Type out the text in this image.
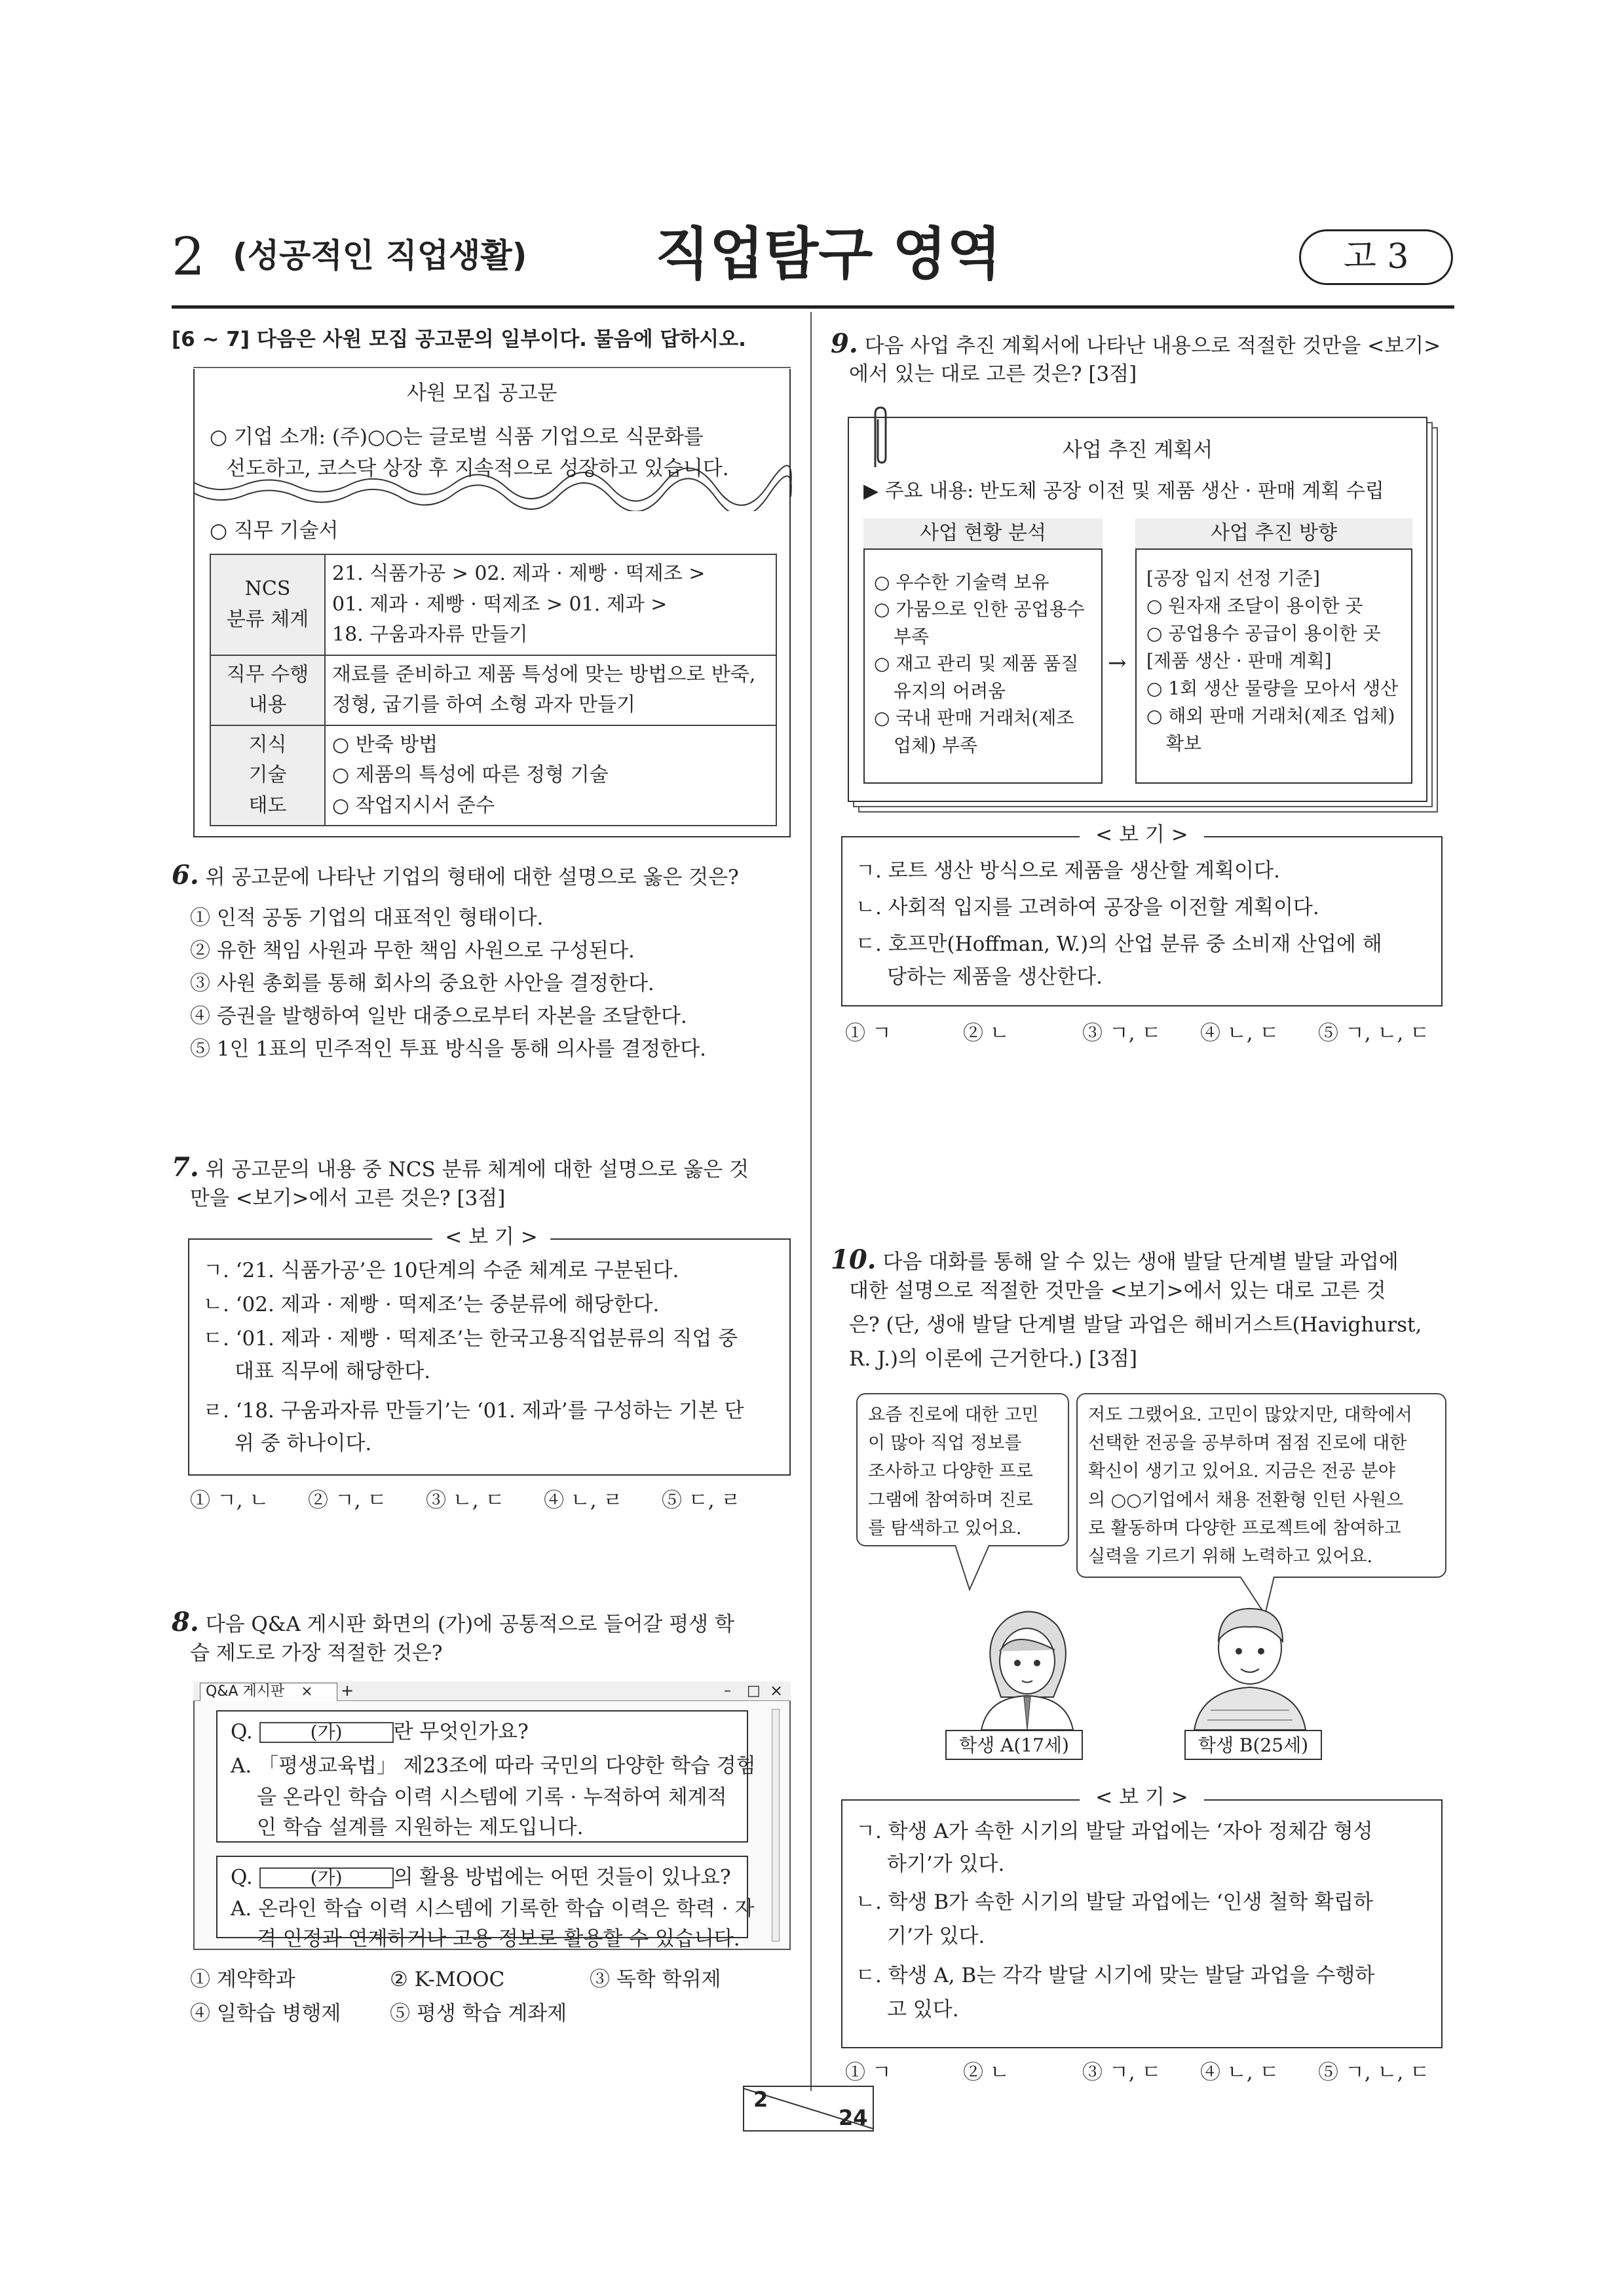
2 (성공적인 직업생활) 직업탐구 영역	고 3
[6 ~ 7] 다음은 사원 모집 공고문의 일부이다. 물음에 답하시오.
사원 모집 공고문
○ 기업 소개: (주)○○는 글로벌 식품 기업으로 식문화를
선도하고, 코스닥 상장 후 지속적으로 성장하고 있습니다.
○ 직무 기술서
NCS
분류 체계	21. 식품가공 > 02. 제과 · 제빵 · 떡제조 >
01. 제과 · 제빵 · 떡제조 > 01. 제과 >
18. 구움과자류 만들기
직무 수행
내용	재료를 준비하고 제품 특성에 맞는 방법으로 반죽,
정형, 굽기를 하여 소형 과자 만들기
지식
기술
태도	○ 반죽 방법
○ 제품의 특성에 따른 정형 기술
○ 작업지시서 준수
6. 위 공고문에 나타난 기업의 형태에 대한 설명으로 옳은 것은?
① 인적 공동 기업의 대표적인 형태이다.
② 유한 책임 사원과 무한 책임 사원으로 구성된다.
③ 사원 총회를 통해 회사의 중요한 사안을 결정한다.
④ 증권을 발행하여 일반 대중으로부터 자본을 조달한다.
⑤ 1인 1표의 민주적인 투표 방식을 통해 의사를 결정한다.
7. 위 공고문의 내용 중 NCS 분류 체계에 대한 설명으로 옳은 것
만을 <보기>에서 고른 것은? [3점]
< 보 기 >
ㄱ. ‘21. 식품가공’은 10단계의 수준 체계로 구분된다.
ㄴ. ‘02. 제과 · 제빵 · 떡제조’는 중분류에 해당한다.
ㄷ. ‘01. 제과 · 제빵 · 떡제조’는 한국고용직업분류의 직업 중
대표 직무에 해당한다.
ㄹ. ‘18. 구움과자류 만들기’는 ‘01. 제과’를 구성하는 기본 단
위 중 하나이다.
① ㄱ, ㄴ ② ㄱ, ㄷ ③ ㄴ, ㄷ ④ ㄴ, ㄹ ⑤ ㄷ, ㄹ
8. 다음 Q&A 게시판 화면의 (가)에 공통적으로 들어갈 평생 학
습 제도로 가장 적절한 것은?
Q&A 게시판 ×	+	– □ ×
Q.	(가)	란 무엇인가요?
A. 「평생교육법」 제23조에 따라 국민의 다양한 학습 경험
을 온라인 학습 이력 시스템에 기록 · 누적하여 체계적
인 학습 설계를 지원하는 제도입니다.
Q.	(가)	의 활용 방법에는 어떤 것들이 있나요?
A. 온라인 학습 이력 시스템에 기록한 학습 이력은 학력 · 자
격 인정과 연계하거나 고용 정보로 활용할 수 있습니다.
① 계약학과	② K-MOOC	③ 독학 학위제
④ 일학습 병행제 ⑤ 평생 학습 계좌제
9. 다음 사업 추진 계획서에 나타난 내용으로 적절한 것만을 <보기>
에서 있는 대로 고른 것은? [3점]
사업 추진 계획서
▶ 주요 내용: 반도체 공장 이전 및 제품 생산 · 판매 계획 수립
사업 현황 분석
○ 우수한 기술력 보유
○ 가뭄으로 인한 공업용수
부족
○ 재고 관리 및 제품 품질
유지의 어려움
○ 국내 판매 거래처(제조
업체) 부족
→
사업 추진 방향
[공장 입지 선정 기준]
○ 원자재 조달이 용이한 곳
○ 공업용수 공급이 용이한 곳
[제품 생산 · 판매 계획]
○ 1회 생산 물량을 모아서 생산
○ 해외 판매 거래처(제조 업체)
확보
< 보 기 >
ㄱ. 로트 생산 방식으로 제품을 생산할 계획이다.
ㄴ. 사회적 입지를 고려하여 공장을 이전할 계획이다.
ㄷ. 호프만(Hoffman, W.)의 산업 분류 중 소비재 산업에 해
당하는 제품을 생산한다.
① ㄱ	② ㄴ	③ ㄱ, ㄷ ④ ㄴ, ㄷ ⑤ ㄱ, ㄴ, ㄷ
10. 다음 대화를 통해 알 수 있는 생애 발달 단계별 발달 과업에
대한 설명으로 적절한 것만을 <보기>에서 있는 대로 고른 것
은? (단, 생애 발달 단계별 발달 과업은 해비거스트(Havighurst,
R. J.)의 이론에 근거한다.) [3점]
요즘 진로에 대한 고민
이 많아 직업 정보를
조사하고 다양한 프로
그램에 참여하며 진로
를 탐색하고 있어요.
저도 그랬어요. 고민이 많았지만, 대학에서
선택한 전공을 공부하며 점점 진로에 대한
확신이 생기고 있어요. 지금은 전공 분야
의 ○○기업에서 채용 전환형 인턴 사원으
로 활동하며 다양한 프로젝트에 참여하고
실력을 기르기 위해 노력하고 있어요.
학생 A(17세)	학생 B(25세)
< 보 기 >
ㄱ. 학생 A가 속한 시기의 발달 과업에는 ‘자아 정체감 형성
하기’가 있다.
ㄴ. 학생 B가 속한 시기의 발달 과업에는 ‘인생 철학 확립하
기’가 있다.
ㄷ. 학생 A, B는 각각 발달 시기에 맞는 발달 과업을 수행하
고 있다.
① ㄱ	② ㄴ	③ ㄱ, ㄷ ④ ㄴ, ㄷ ⑤ ㄱ, ㄴ, ㄷ
2
24
